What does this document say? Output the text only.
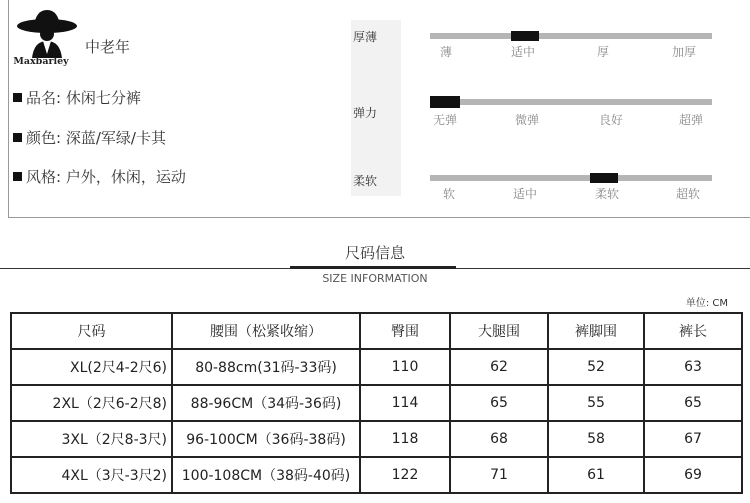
Maxbarley
中老年
品名: 休闲七分裤
颜色: 深蓝/军绿/卡其
风格: 户外，休闲，运动
厚薄
薄	适中	厚	加厚
弹力	无弹	微弹	良好	超弹
柔软
软	适中	柔软	超软
尺码信息
SIZE INFORMATION
单位: CM
尺码	腰围（松紧收缩）	臀围	大腿围	裤脚围	裤长
XL(2尺4-2尺6)	80-88cm(31码-33码)	110	62	52	63
2XL（2尺6-2尺8)	88-96CM（34码-36码)	114	65	55	65
3XL（2尺8-3尺)	96-100CM（36码-38码)	118	68	58	67
4XL（3尺-3尺2)	100-108CM（38码-40码)	122	71	61	69
